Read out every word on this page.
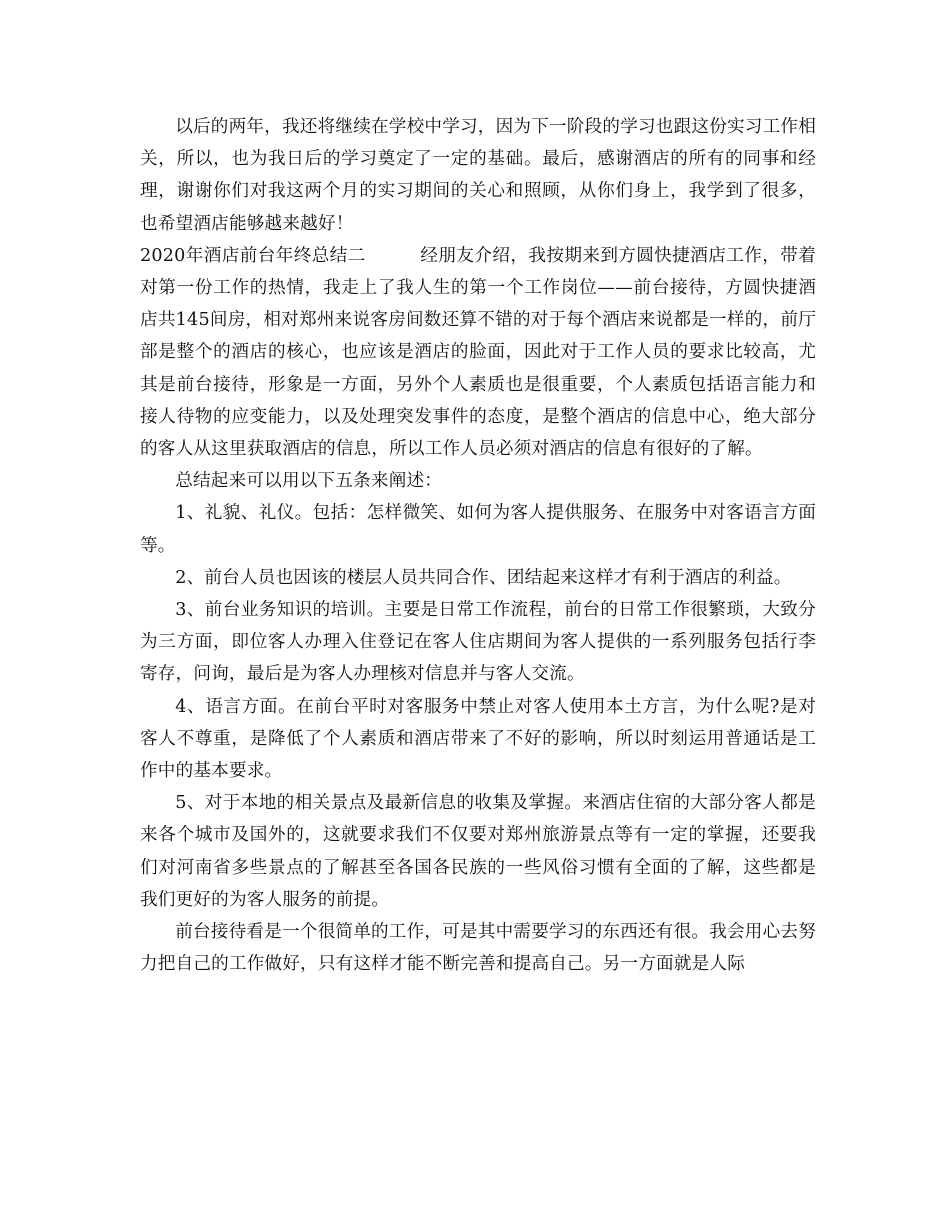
以后的两年，我还将继续在学校中学习，因为下一阶段的学习也跟这份实习工作相关，所以，也为我日后的学习奠定了一定的基础。最后，感谢酒店的所有的同事和经理，谢谢你们对我这两个月的实习期间的关心和照顾，从你们身上，我学到了很多，也希望酒店能够越来越好！

2020年酒店前台年终总结二	经朋友介绍，我按期来到方圆快捷酒店工作，带着对第一份工作的热情，我走上了我人生的第一个工作岗位——前台接待，方圆快捷酒店共145间房，相对郑州来说客房间数还算不错的对于每个酒店来说都是一样的，前厅部是整个的酒店的核心，也应该是酒店的脸面，因此对于工作人员的要求比较高，尤其是前台接待，形象是一方面，另外个人素质也是很重要，个人素质包括语言能力和接人待物的应变能力，以及处理突发事件的态度，是整个酒店的信息中心，绝大部分的客人从这里获取酒店的信息，所以工作人员必须对酒店的信息有很好的了解。

总结起来可以用以下五条来阐述：

1、礼貌、礼仪。包括：怎样微笑、如何为客人提供服务、在服务中对客语言方面等。

2、前台人员也因该的楼层人员共同合作、团结起来这样才有利于酒店的利益。

3、前台业务知识的培训。主要是日常工作流程，前台的日常工作很繁琐，大致分为三方面，即位客人办理入住登记在客人住店期间为客人提供的一系列服务包括行李寄存，问询，最后是为客人办理核对信息并与客人交流。

4、语言方面。在前台平时对客服务中禁止对客人使用本土方言，为什么呢?是对客人不尊重，是降低了个人素质和酒店带来了不好的影响，所以时刻运用普通话是工作中的基本要求。

5、对于本地的相关景点及最新信息的收集及掌握。来酒店住宿的大部分客人都是来各个城市及国外的，这就要求我们不仅要对郑州旅游景点等有一定的掌握，还要我们对河南省多些景点的了解甚至各国各民族的一些风俗习惯有全面的了解，这些都是我们更好的为客人服务的前提。

前台接待看是一个很简单的工作，可是其中需要学习的东西还有很。我会用心去努力把自己的工作做好，只有这样才能不断完善和提高自己。另一方面就是人际
